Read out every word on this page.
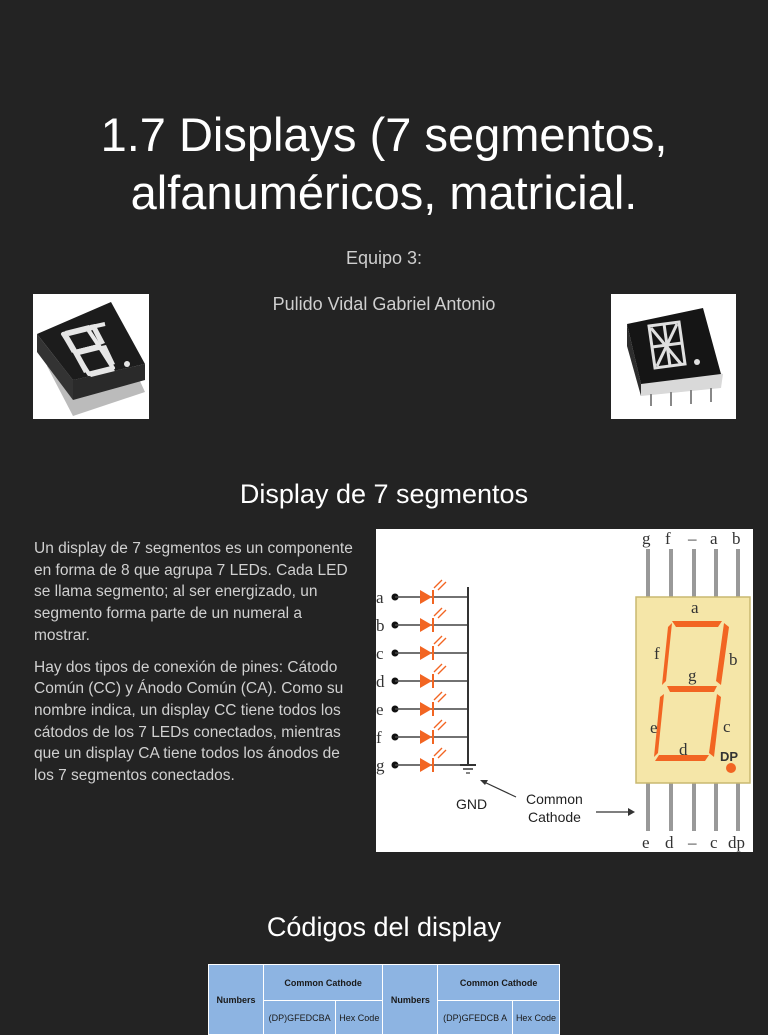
1.7 Displays (7 segmentos,
alfanuméricos, matricial.
Equipo 3:
Pulido Vidal Gabriel Antonio
Display de 7 segmentos

Un display de 7 segmentos es un componente en forma de 8 que agrupa 7 LEDs. Cada LED se llama segmento; al ser energizado, un segmento forma parte de un numeral a mostrar.

Hay dos tipos de conexión de pines: Cátodo Común (CC) y Ánodo Común (CA). Como su nombre indica, un display CC tiene todos los cátodos de los 7 LEDs conectados, mientras que un display CA tiene todos los ánodos de los 7 segmentos conectados.

a
b
c
d
e
f
g
GND	Common
Cathode
g f – a b
e d – c dp
a
b
f
g
c
e
d	DP
Códigos del display
Numbers	Common Cathode		Numbers	Common Cathode	
	(DP)GFEDCBA	Hex Code		(DP)GFEDCB A	Hex Code
